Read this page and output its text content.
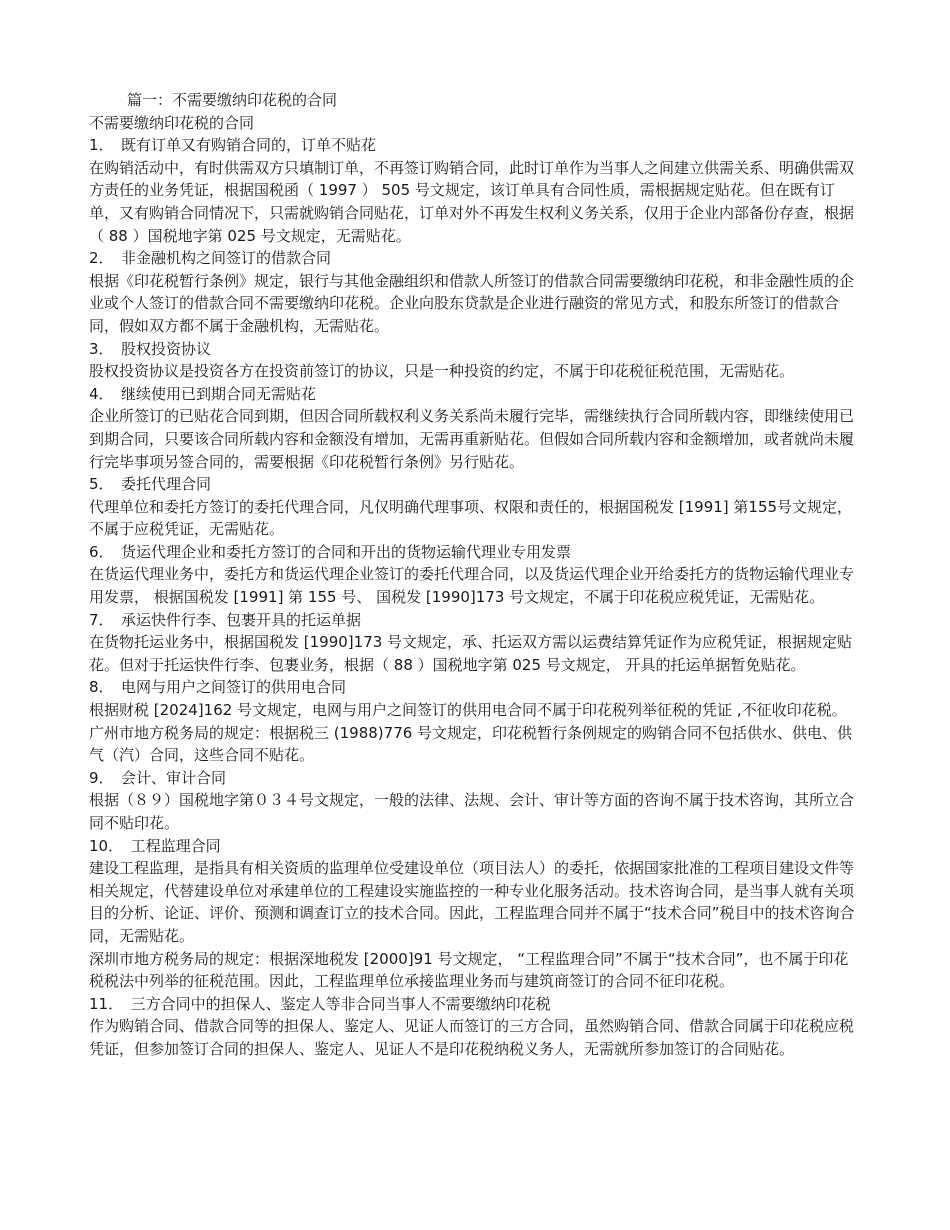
篇一：不需要缴纳印花税的合同

不需要缴纳印花税的合同

1．　既有订单又有购销合同的，订单不贴花

在购销活动中，有时供需双方只填制订单，不再签订购销合同，此时订单作为当事人之间建立供需关系、明确供需双方责任的业务凭证，根据国税函（ 1997 ） 505 号文规定，该订单具有合同性质，需根据规定贴花。但在既有订单，又有购销合同情况下，只需就购销合同贴花，订单对外不再发生权利义务关系，仅用于企业内部备份存查，根据（ 88 ）国税地字第 025 号文规定，无需贴花。

2．　非金融机构之间签订的借款合同

根据《印花税暂行条例》规定，银行与其他金融组织和借款人所签订的借款合同需要缴纳印花税，和非金融性质的企业或个人签订的借款合同不需要缴纳印花税。企业向股东贷款是企业进行融资的常见方式，和股东所签订的借款合同，假如双方都不属于金融机构，无需贴花。

3．　股权投资协议

股权投资协议是投资各方在投资前签订的协议，只是一种投资的约定，不属于印花税征税范围，无需贴花。

4．　继续使用已到期合同无需贴花

企业所签订的已贴花合同到期，但因合同所载权利义务关系尚未履行完毕，需继续执行合同所载内容，即继续使用已到期合同，只要该合同所载内容和金额没有增加，无需再重新贴花。但假如合同所载内容和金额增加，或者就尚未履行完毕事项另签合同的，需要根据《印花税暂行条例》另行贴花。

5．　委托代理合同

代理单位和委托方签订的委托代理合同，凡仅明确代理事项、权限和责任的，根据国税发 [1991] 第155号文规定，不属于应税凭证，无需贴花。

6．　货运代理企业和委托方签订的合同和开出的货物运输代理业专用发票

在货运代理业务中，委托方和货运代理企业签订的委托代理合同，以及货运代理企业开给委托方的货物运输代理业专用发票， 根据国税发 [1991] 第 155 号、 国税发 [1990]173 号文规定，不属于印花税应税凭证，无需贴花。

7．　承运快件行李、包裹开具的托运单据

在货物托运业务中，根据国税发 [1990]173 号文规定，承、托运双方需以运费结算凭证作为应税凭证，根据规定贴花。但对于托运快件行李、包裹业务，根据（ 88 ）国税地字第 025 号文规定， 开具的托运单据暂免贴花。

8．　电网与用户之间签订的供用电合同

根据财税 [2024]162 号文规定，电网与用户之间签订的供用电合同不属于印花税列举征税的凭证 ,不征收印花税。

广州市地方税务局的规定：根据税三 (1988)776 号文规定，印花税暂行条例规定的购销合同不包括供水、供电、供气（汽）合同，这些合同不贴花。

9．　会计、审计合同

根据（８９）国税地字第０３４号文规定，一般的法律、法规、会计、审计等方面的咨询不属于技术咨询，其所立合同不贴印花。

10．　工程监理合同

建设工程监理，是指具有相关资质的监理单位受建设单位（项目法人）的委托，依据国家批准的工程项目建设文件等相关规定，代替建设单位对承建单位的工程建设实施监控的一种专业化服务活动。技术咨询合同，是当事人就有关项目的分析、论证、评价、预测和调查订立的技术合同。因此，工程监理合同并不属于“技术合同”税目中的技术咨询合同，无需贴花。

深圳市地方税务局的规定：根据深地税发 [2000]91 号文规定， “工程监理合同”不属于“技术合同”，也不属于印花税税法中列举的征税范围。因此，工程监理单位承接监理业务而与建筑商签订的合同不征印花税。

11．　三方合同中的担保人、鉴定人等非合同当事人不需要缴纳印花税

作为购销合同、借款合同等的担保人、鉴定人、见证人而签订的三方合同，虽然购销合同、借款合同属于印花税应税凭证，但参加签订合同的担保人、鉴定人、见证人不是印花税纳税义务人，无需就所参加签订的合同贴花。
